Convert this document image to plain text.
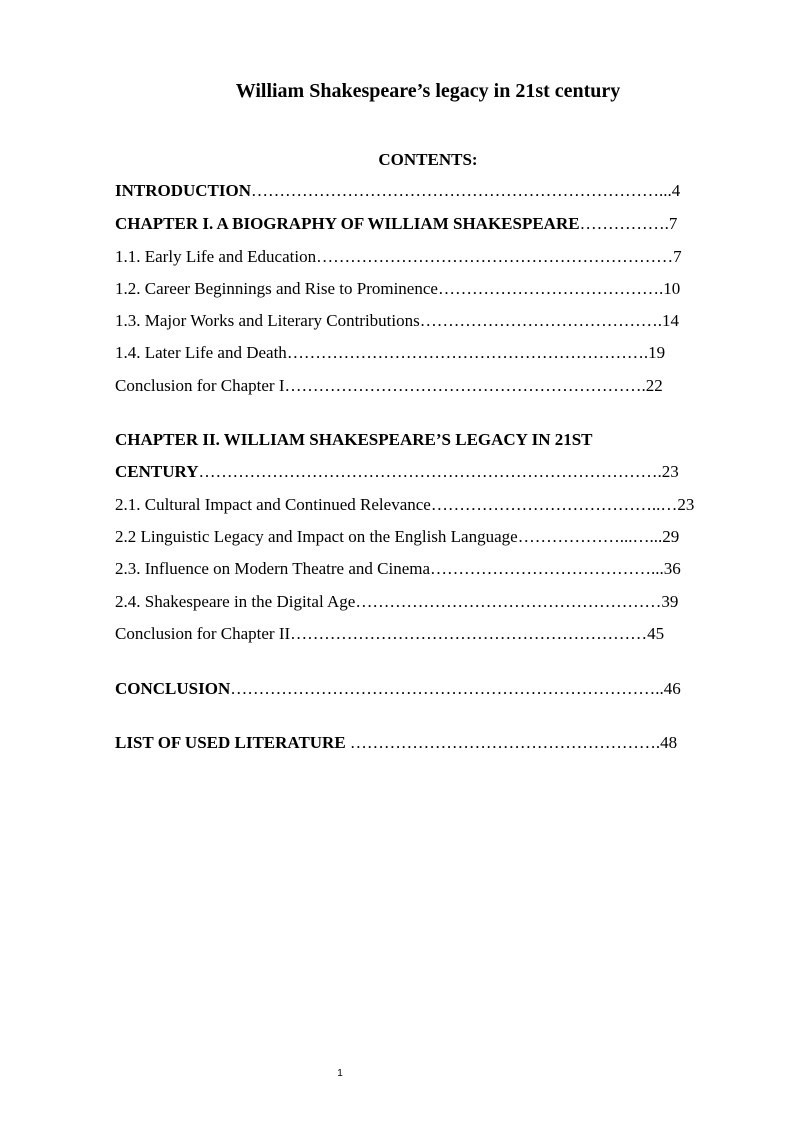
William Shakespeare’s legacy in 21st century
CONTENTS:
INTRODUCTION………………………………………………………………...4
CHAPTER I. A BIOGRAPHY OF WILLIAM SHAKESPEARE…………….7
1.1. Early Life and Education………………………………………………………7
1.2. Career Beginnings and Rise to Prominence………………………………….10
1.3. Major Works and Literary Contributions…………………………………….14
1.4. Later Life and Death……………………………………………………….19
Conclusion for Chapter I……………………………………………………….22
CHAPTER II. WILLIAM SHAKESPEARE’S LEGACY IN 21ST
CENTURY……………………………………………………………………….23
2.1. Cultural Impact and Continued Relevance…………………………………..…23
2.2 Linguistic Legacy and Impact on the English Language………………...…...29
2.3. Influence on Modern Theatre and Cinema…………………………………...36
2.4. Shakespeare in the Digital Age………………………………………………39
Conclusion for Chapter II………………………………………………………45
CONCLUSION…………………………………………………………………..46
LIST OF USED LITERATURE ……………………………………………….48
1
